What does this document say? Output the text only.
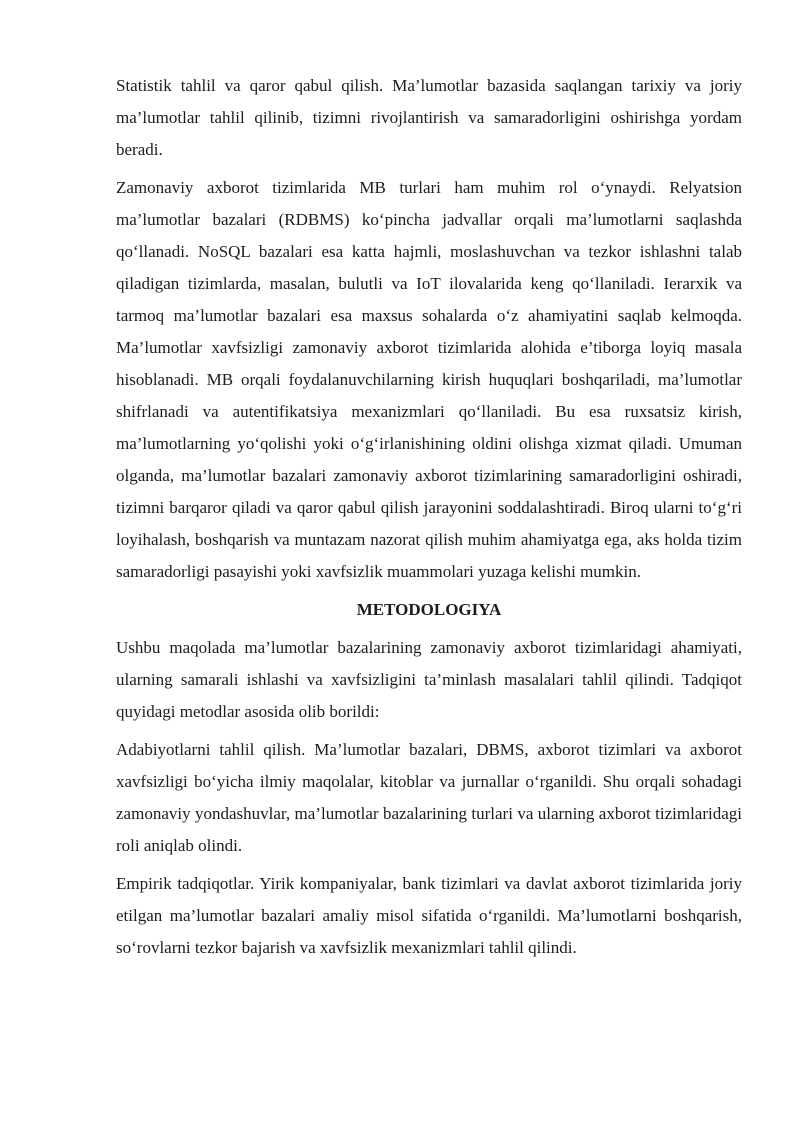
Statistik tahlil va qaror qabul qilish. Ma’lumotlar bazasida saqlangan tarixiy va joriy ma’lumotlar tahlil qilinib, tizimni rivojlantirish va samaradorligini oshirishga yordam beradi.

Zamonaviy axborot tizimlarida MB turlari ham muhim rol o‘ynaydi. Relyatsion ma’lumotlar bazalari (RDBMS) ko‘pincha jadvallar orqali ma’lumotlarni saqlashda qo‘llanadi. NoSQL bazalari esa katta hajmli, moslashuvchan va tezkor ishlashni talab qiladigan tizimlarda, masalan, bulutli va IoT ilovalarida keng qo‘llaniladi. Ierarxik va tarmoq ma’lumotlar bazalari esa maxsus sohalarda o‘z ahamiyatini saqlab kelmoqda. Ma’lumotlar xavfsizligi zamonaviy axborot tizimlarida alohida e’tiborga loyiq masala hisoblanadi. MB orqali foydalanuvchilarning kirish huquqlari boshqariladi, ma’lumotlar shifrlanadi va autentifikatsiya mexanizmlari qo‘llaniladi. Bu esa ruxsatsiz kirish, ma’lumotlarning yo‘qolishi yoki o‘g‘irlanishining oldini olishga xizmat qiladi. Umuman olganda, ma’lumotlar bazalari zamonaviy axborot tizimlarining samaradorligini oshiradi, tizimni barqaror qiladi va qaror qabul qilish jarayonini soddalashtiradi. Biroq ularni to‘g‘ri loyihalash, boshqarish va muntazam nazorat qilish muhim ahamiyatga ega, aks holda tizim samaradorligi pasayishi yoki xavfsizlik muammolari yuzaga kelishi mumkin.

METODOLOGIYA

Ushbu maqolada ma’lumotlar bazalarining zamonaviy axborot tizimlaridagi ahamiyati, ularning samarali ishlashi va xavfsizligini ta’minlash masalalari tahlil qilindi. Tadqiqot quyidagi metodlar asosida olib borildi:

Adabiyotlarni tahlil qilish. Ma’lumotlar bazalari, DBMS, axborot tizimlari va axborot xavfsizligi bo‘yicha ilmiy maqolalar, kitoblar va jurnallar o‘rganildi. Shu orqali sohadagi zamonaviy yondashuvlar, ma’lumotlar bazalarining turlari va ularning axborot tizimlaridagi roli aniqlab olindi.

Empirik tadqiqotlar. Yirik kompaniyalar, bank tizimlari va davlat axborot tizimlarida joriy etilgan ma’lumotlar bazalari amaliy misol sifatida o‘rganildi. Ma’lumotlarni boshqarish, so‘rovlarni tezkor bajarish va xavfsizlik mexanizmlari tahlil qilindi.
